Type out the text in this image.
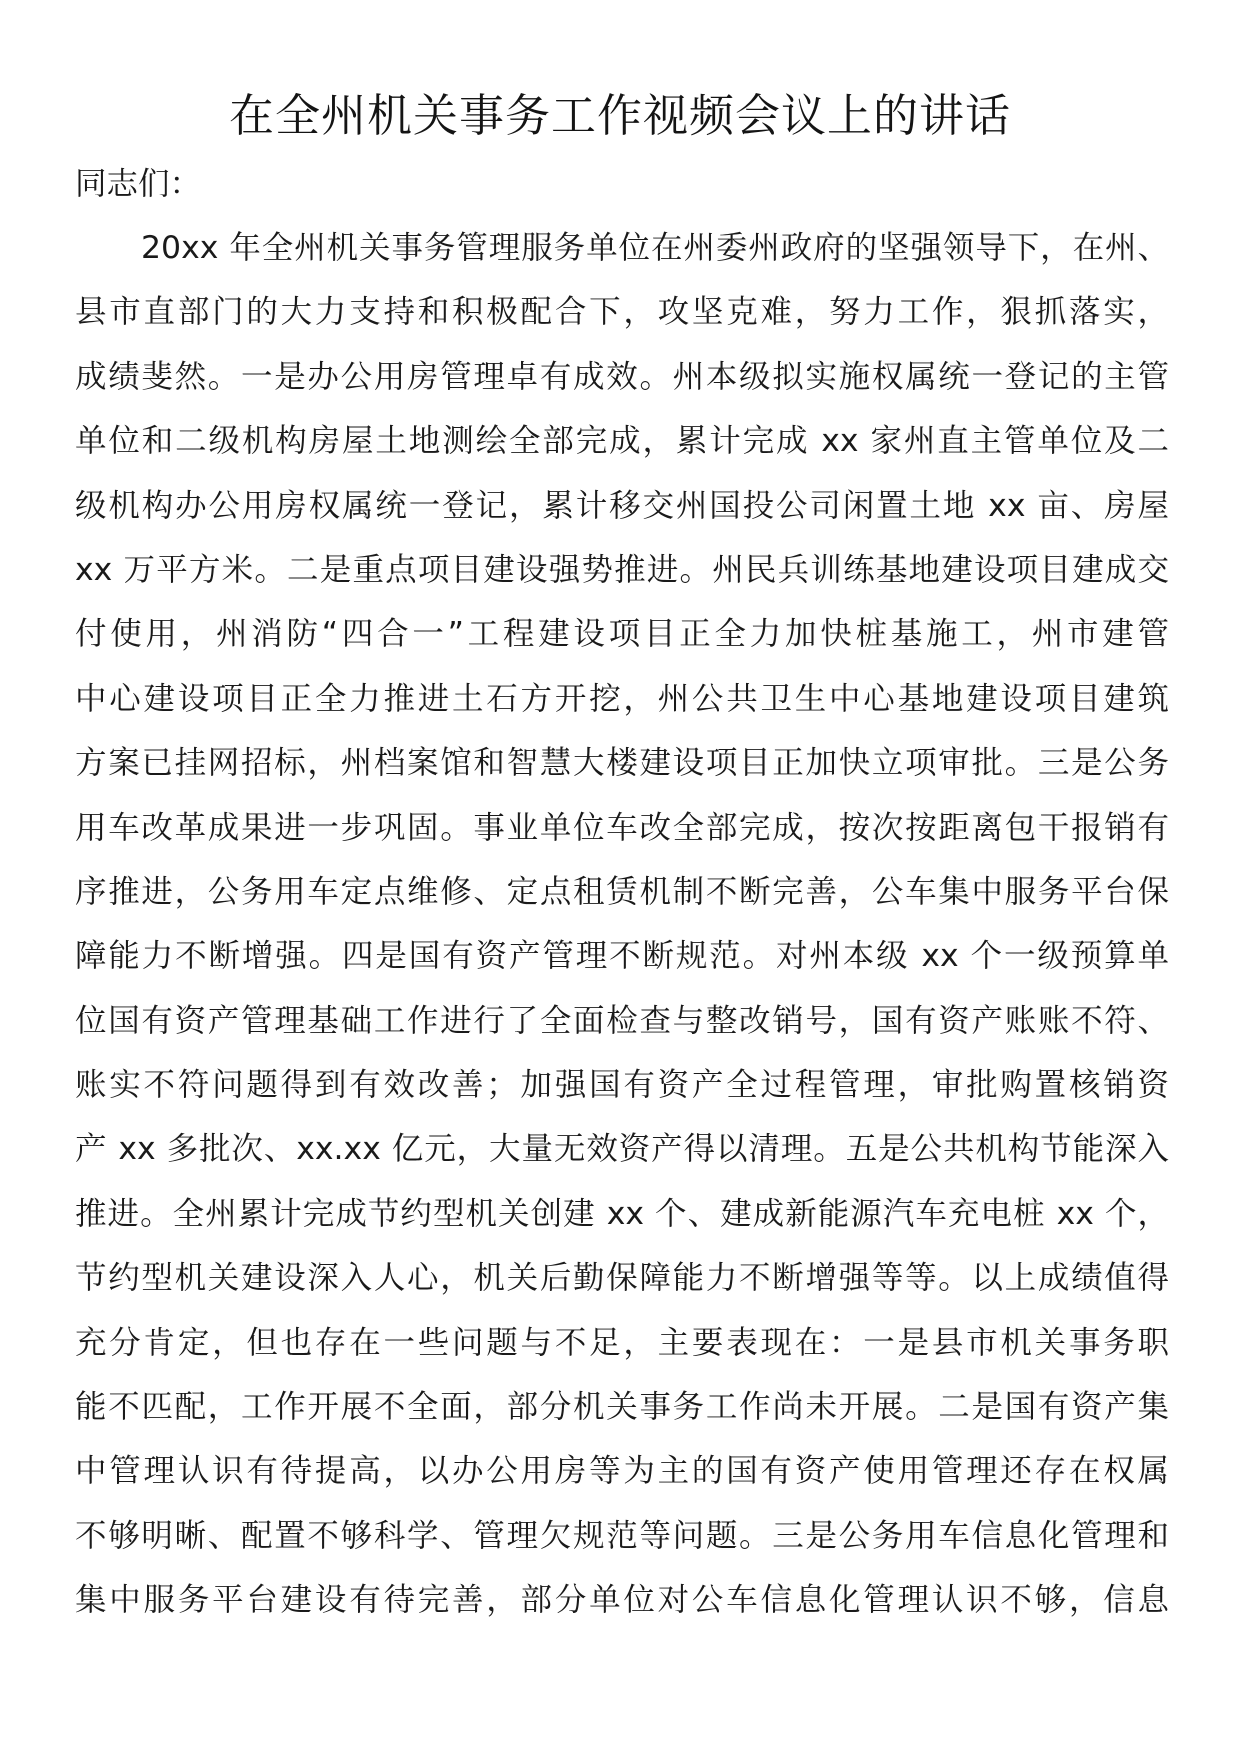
在全州机关事务工作视频会议上的讲话

同志们：

20xx 年全州机关事务管理服务单位在州委州政府的坚强领导下，在州、
县市直部门的大力支持和积极配合下，攻坚克难，努力工作，狠抓落实，
成绩斐然。一是办公用房管理卓有成效。州本级拟实施权属统一登记的主管
单位和二级机构房屋土地测绘全部完成，累计完成 xx 家州直主管单位及二
级机构办公用房权属统一登记，累计移交州国投公司闲置土地 xx 亩、房屋
xx 万平方米。二是重点项目建设强势推进。州民兵训练基地建设项目建成交
付使用，州消防“四合一”工程建设项目正全力加快桩基施工，州市建管
中心建设项目正全力推进土石方开挖，州公共卫生中心基地建设项目建筑
方案已挂网招标，州档案馆和智慧大楼建设项目正加快立项审批。三是公务
用车改革成果进一步巩固。事业单位车改全部完成，按次按距离包干报销有
序推进，公务用车定点维修、定点租赁机制不断完善，公车集中服务平台保
障能力不断增强。四是国有资产管理不断规范。对州本级 xx 个一级预算单
位国有资产管理基础工作进行了全面检查与整改销号，国有资产账账不符、
账实不符问题得到有效改善；加强国有资产全过程管理，审批购置核销资
产 xx 多批次、xx.xx 亿元，大量无效资产得以清理。五是公共机构节能深入
推进。全州累计完成节约型机关创建 xx 个、建成新能源汽车充电桩 xx 个，
节约型机关建设深入人心，机关后勤保障能力不断增强等等。以上成绩值得
充分肯定，但也存在一些问题与不足，主要表现在：一是县市机关事务职
能不匹配，工作开展不全面，部分机关事务工作尚未开展。二是国有资产集
中管理认识有待提高，以办公用房等为主的国有资产使用管理还存在权属
不够明晰、配置不够科学、管理欠规范等问题。三是公务用车信息化管理和
集中服务平台建设有待完善，部分单位对公车信息化管理认识不够，信息
